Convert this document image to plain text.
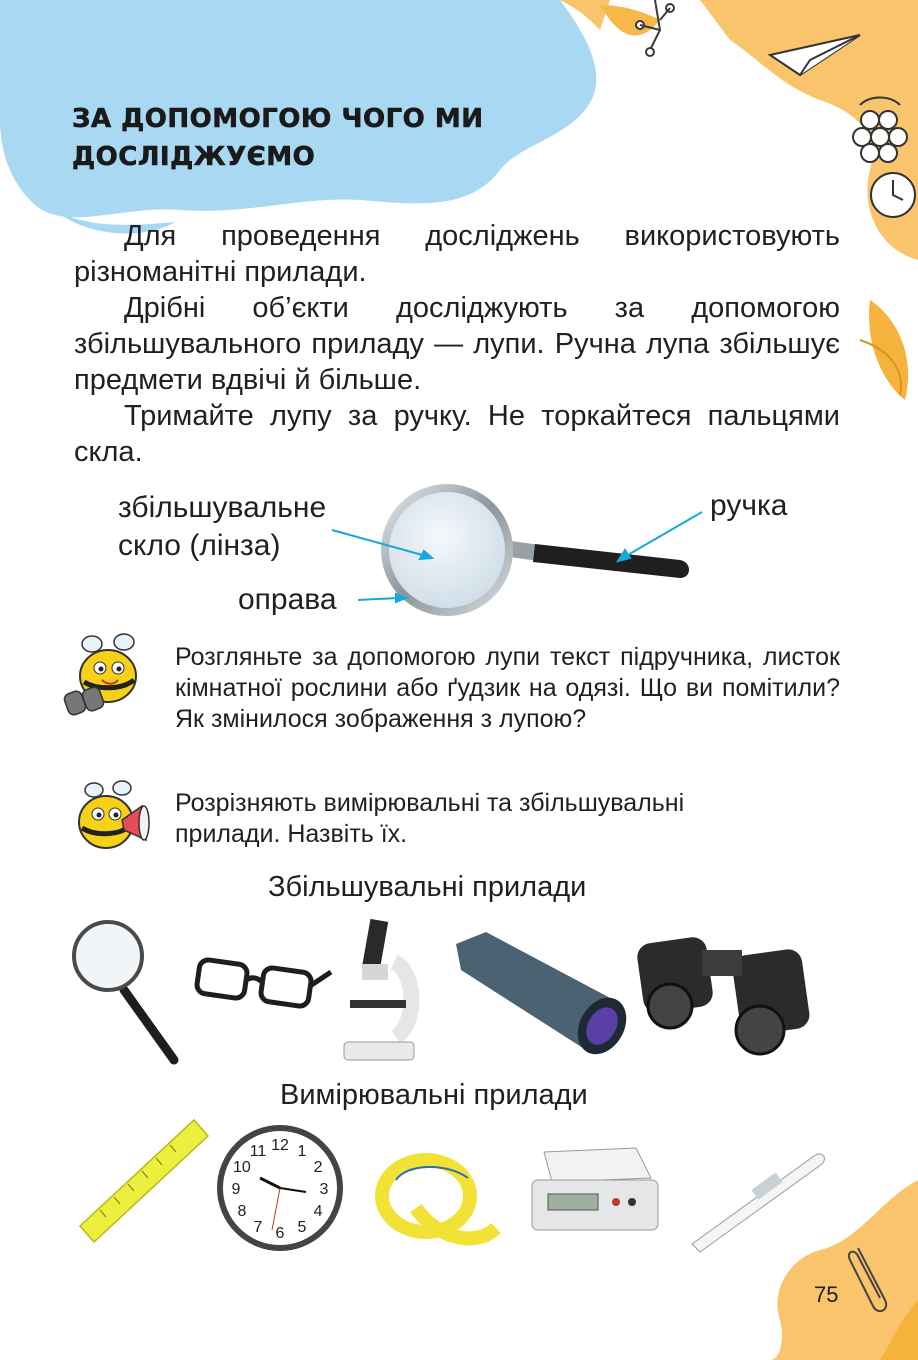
ЗА ДОПОМОГОЮ ЧОГО МИ
ДОСЛІДЖУЄМО
Для проведення досліджень використовують різноманітні прилади.
Дрібні об’єкти досліджують за допомогою збільшувального приладу — лупи. Ручна лупа збільшує предмети вдвічі й більше.
Тримайте лупу за ручку. Не торкайтеся пальцями скла.
збільшувальне
скло (лінза)
оправа
ручка
Розгляньте за допомогою лупи текст підручника, листок кімнатної рослини або ґудзик на одязі. Що ви помітили? Як змінилося зображення з лупою?
Розрізняють вимірювальні та збільшувальні
прилади. Назвіть їх.
Збільшувальні прилади
Вимірювальні прилади
12 1
2
3
4
5
6
7
8
9
10
11
75
